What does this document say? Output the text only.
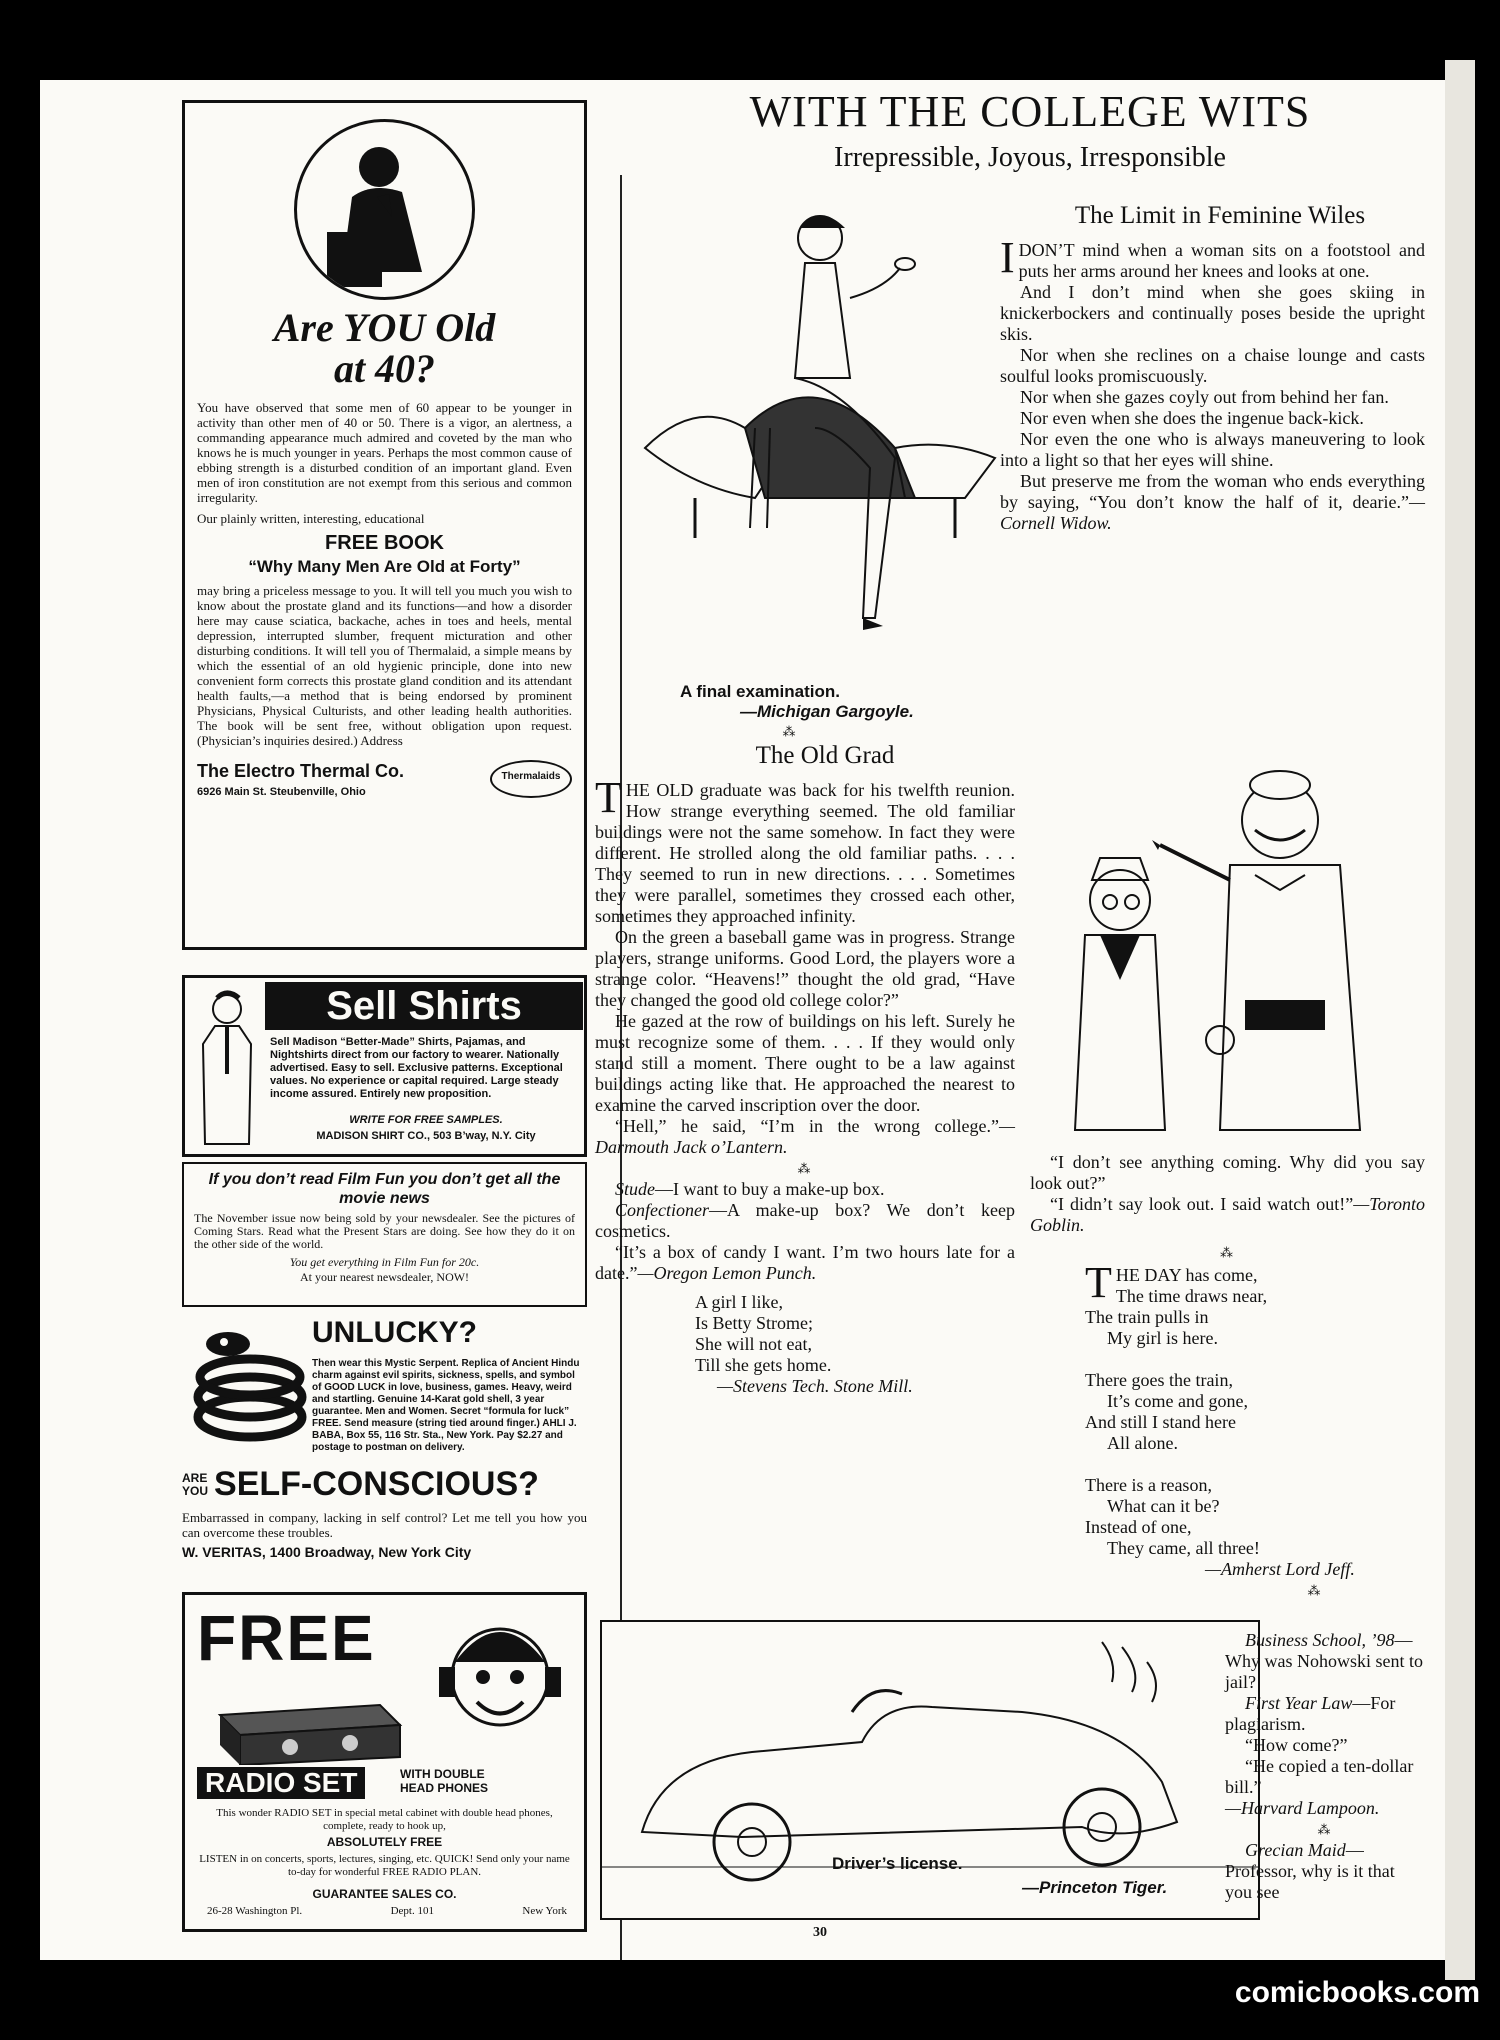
Are YOU Old
at 40?
You have observed that some men of 60 appear to be younger in activity than other men of 40 or 50. There is a vigor, an alertness, a commanding appearance much admired and coveted by the man who knows he is much younger in years. Perhaps the most common cause of ebbing strength is a disturbed condition of an important gland. Even men of iron constitution are not exempt from this serious and common irregularity.
Our plainly written, interesting, educational
FREE BOOK
“Why Many Men Are Old at Forty”
may bring a priceless message to you. It will tell you much you wish to know about the prostate gland and its functions—and how a disorder here may cause sciatica, backache, aches in toes and heels, mental depression, interrupted slumber, frequent micturation and other disturbing conditions. It will tell you of Thermalaid, a simple means by which the essential of an old hygienic principle, done into new convenient form corrects this prostate gland condition and its attendant health faults,—a method that is being endorsed by prominent Physicians, Physical Culturists, and other leading health authorities. The book will be sent free, without obligation upon request. (Physician’s inquiries desired.) Address
The Electro Thermal Co.
6926 Main St. Steubenville, Ohio
Thermalaids
Sell Shirts
Sell Madison “Better-Made” Shirts, Pajamas, and Nightshirts direct from our factory to wearer. Nationally advertised. Easy to sell. Exclusive patterns. Exceptional values. No experience or capital required. Large steady income assured. Entirely new proposition.
WRITE FOR FREE SAMPLES.
MADISON SHIRT CO., 503 B’way, N.Y. City
If you don’t read Film Fun you don’t get all the movie news
The November issue now being sold by your newsdealer. See the pictures of Coming Stars. Read what the Present Stars are doing. See how they do it on the other side of the world.
You get everything in Film Fun for 20c.
At your nearest newsdealer, NOW!
UNLUCKY?
Then wear this Mystic Serpent. Replica of Ancient Hindu charm against evil spirits, sickness, spells, and symbol of GOOD LUCK in love, business, games. Heavy, weird and startling. Genuine 14-Karat gold shell, 3 year guarantee. Men and Women. Secret “formula for luck” FREE. Send measure (string tied around finger.) AHLI J. BABA, Box 55, 116 Str. Sta., New York. Pay $2.27 and postage to postman on delivery.
ARE
YOU SELF-CONSCIOUS?
Embarrassed in company, lacking in self control? Let me tell you how you can overcome these troubles.
W. VERITAS, 1400 Broadway, New York City
FREE
RADIO SET	WITH DOUBLE HEAD PHONES
This wonder RADIO SET in special metal cabinet with double head phones, complete, ready to hook up,
ABSOLUTELY FREE
LISTEN in on concerts, sports, lectures, singing, etc. QUICK! Send only your name to-day for wonderful FREE RADIO PLAN.
GUARANTEE SALES CO.
26-28 Washington Pl.	Dept. 101	New York
WITH THE COLLEGE WITS
Irrepressible, Joyous, Irresponsible
A final examination.
—Michigan Gargoyle.
⁂
The Old Grad
THE OLD graduate was back for his twelfth reunion. How strange everything seemed. The old familiar buildings were not the same somehow. In fact they were different. He strolled along the old familiar paths. . . . They seemed to run in new directions. . . . Sometimes they were parallel, sometimes they crossed each other, sometimes they approached infinity.
On the green a baseball game was in progress. Strange players, strange uniforms. Good Lord, the players wore a strange color. “Heavens!” thought the old grad, “Have they changed the good old college color?”
He gazed at the row of buildings on his left. Surely he must recognize some of them. . . . If they would only stand still a moment. There ought to be a law against buildings acting like that. He approached the nearest to examine the carved inscription over the door.
“Hell,” he said, “I’m in the wrong college.”—Darmouth Jack o’Lantern.
⁂
Stude—I want to buy a make-up box.
Confectioner—A make-up box? We don’t keep cosmetics.
“It’s a box of candy I want. I’m two hours late for a date.”—Oregon Lemon Punch.
A girl I like,
Is Betty Strome;
She will not eat,
Till she gets home.
—Stevens Tech. Stone Mill.
The Limit in Feminine Wiles
IDON’T mind when a woman sits on a footstool and puts her arms around her knees and looks at one.
And I don’t mind when she goes skiing in knickerbockers and continually poses beside the upright skis.
Nor when she reclines on a chaise lounge and casts soulful looks promiscuously.
Nor when she gazes coyly out from behind her fan.
Nor even when she does the ingenue back-kick.
Nor even the one who is always maneuvering to look into a light so that her eyes will shine.
But preserve me from the woman who ends everything by saying, “You don’t know the half of it, dearie.”—Cornell Widow.
“I don’t see anything coming. Why did you say look out?”
“I didn’t say look out. I said watch out!”—Toronto Goblin.
⁂
THE DAY has come,
The time draws near,
The train pulls in
My girl is here.
There goes the train,
It’s come and gone,
And still I stand here
All alone.
There is a reason,
What can it be?
Instead of one,
They came, all three!
—Amherst Lord Jeff.
⁂
Driver’s license.
—Princeton Tiger.
Business School, ’98—Why was Nohowski sent to jail?
First Year Law—For plagiarism.
“How come?”
“He copied a ten-dollar bill.”
—Harvard Lampoon.
⁂
Grecian Maid—Professor, why is it that you see
30
comicbooks.com
